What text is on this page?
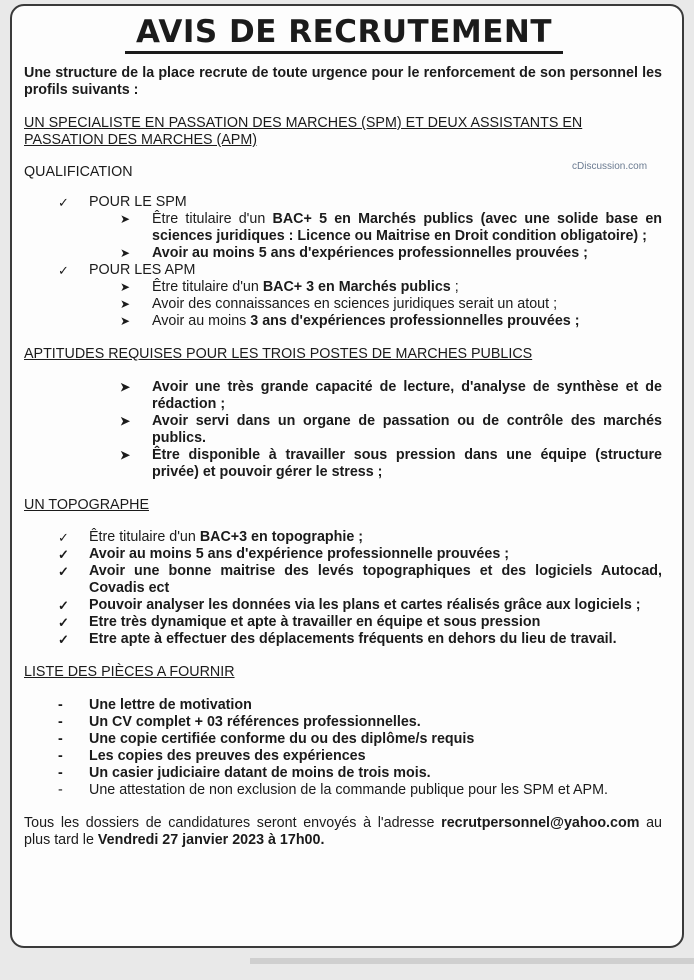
AVIS DE RECRUTEMENT
cDiscussion.com

Une structure de la place recrute de toute urgence pour le renforcement de son personnel les profils suivants :

UN SPECIALISTE EN PASSATION DES MARCHES (SPM) ET DEUX ASSISTANTS EN PASSATION DES MARCHES (APM)

QUALIFICATION

✓ POUR LE SPM
➤ Être titulaire d'un BAC+ 5 en Marchés publics (avec une solide base en sciences juridiques : Licence ou Maitrise en Droit condition obligatoire) ;
➤ Avoir au moins 5 ans d'expériences professionnelles prouvées ;
✓ POUR LES APM
➤ Être titulaire d'un BAC+ 3 en Marchés publics ;
➤ Avoir des connaissances en sciences juridiques serait un atout ;
➤ Avoir au moins 3 ans d'expériences professionnelles prouvées ;

APTITUDES REQUISES POUR LES TROIS POSTES DE MARCHES PUBLICS

➤ Avoir une très grande capacité de lecture, d'analyse de synthèse et de rédaction ;
➤ Avoir servi dans un organe de passation ou de contrôle des marchés publics.
➤ Être disponible à travailler sous pression dans une équipe (structure privée) et pouvoir gérer le stress ;

UN TOPOGRAPHE

✓ Être titulaire d'un BAC+3 en topographie ;
✓ Avoir au moins 5 ans d'expérience professionnelle prouvées ;
✓ Avoir une bonne maitrise des levés topographiques et des logiciels Autocad, Covadis ect
✓ Pouvoir analyser les données via les plans et cartes réalisés grâce aux logiciels ;
✓ Etre très dynamique et apte à travailler en équipe et sous pression
✓ Etre apte à effectuer des déplacements fréquents en dehors du lieu de travail.

LISTE DES PIÈCES A FOURNIR

- Une lettre de motivation
- Un CV complet + 03 références professionnelles.
- Une copie certifiée conforme du ou des diplôme/s requis
- Les copies des preuves des expériences
- Un casier judiciaire datant de moins de trois mois.
- Une attestation de non exclusion de la commande publique pour les SPM et APM.

Tous les dossiers de candidatures seront envoyés à l'adresse recrutpersonnel@yahoo.com au plus tard le Vendredi 27 janvier 2023 à 17h00.
